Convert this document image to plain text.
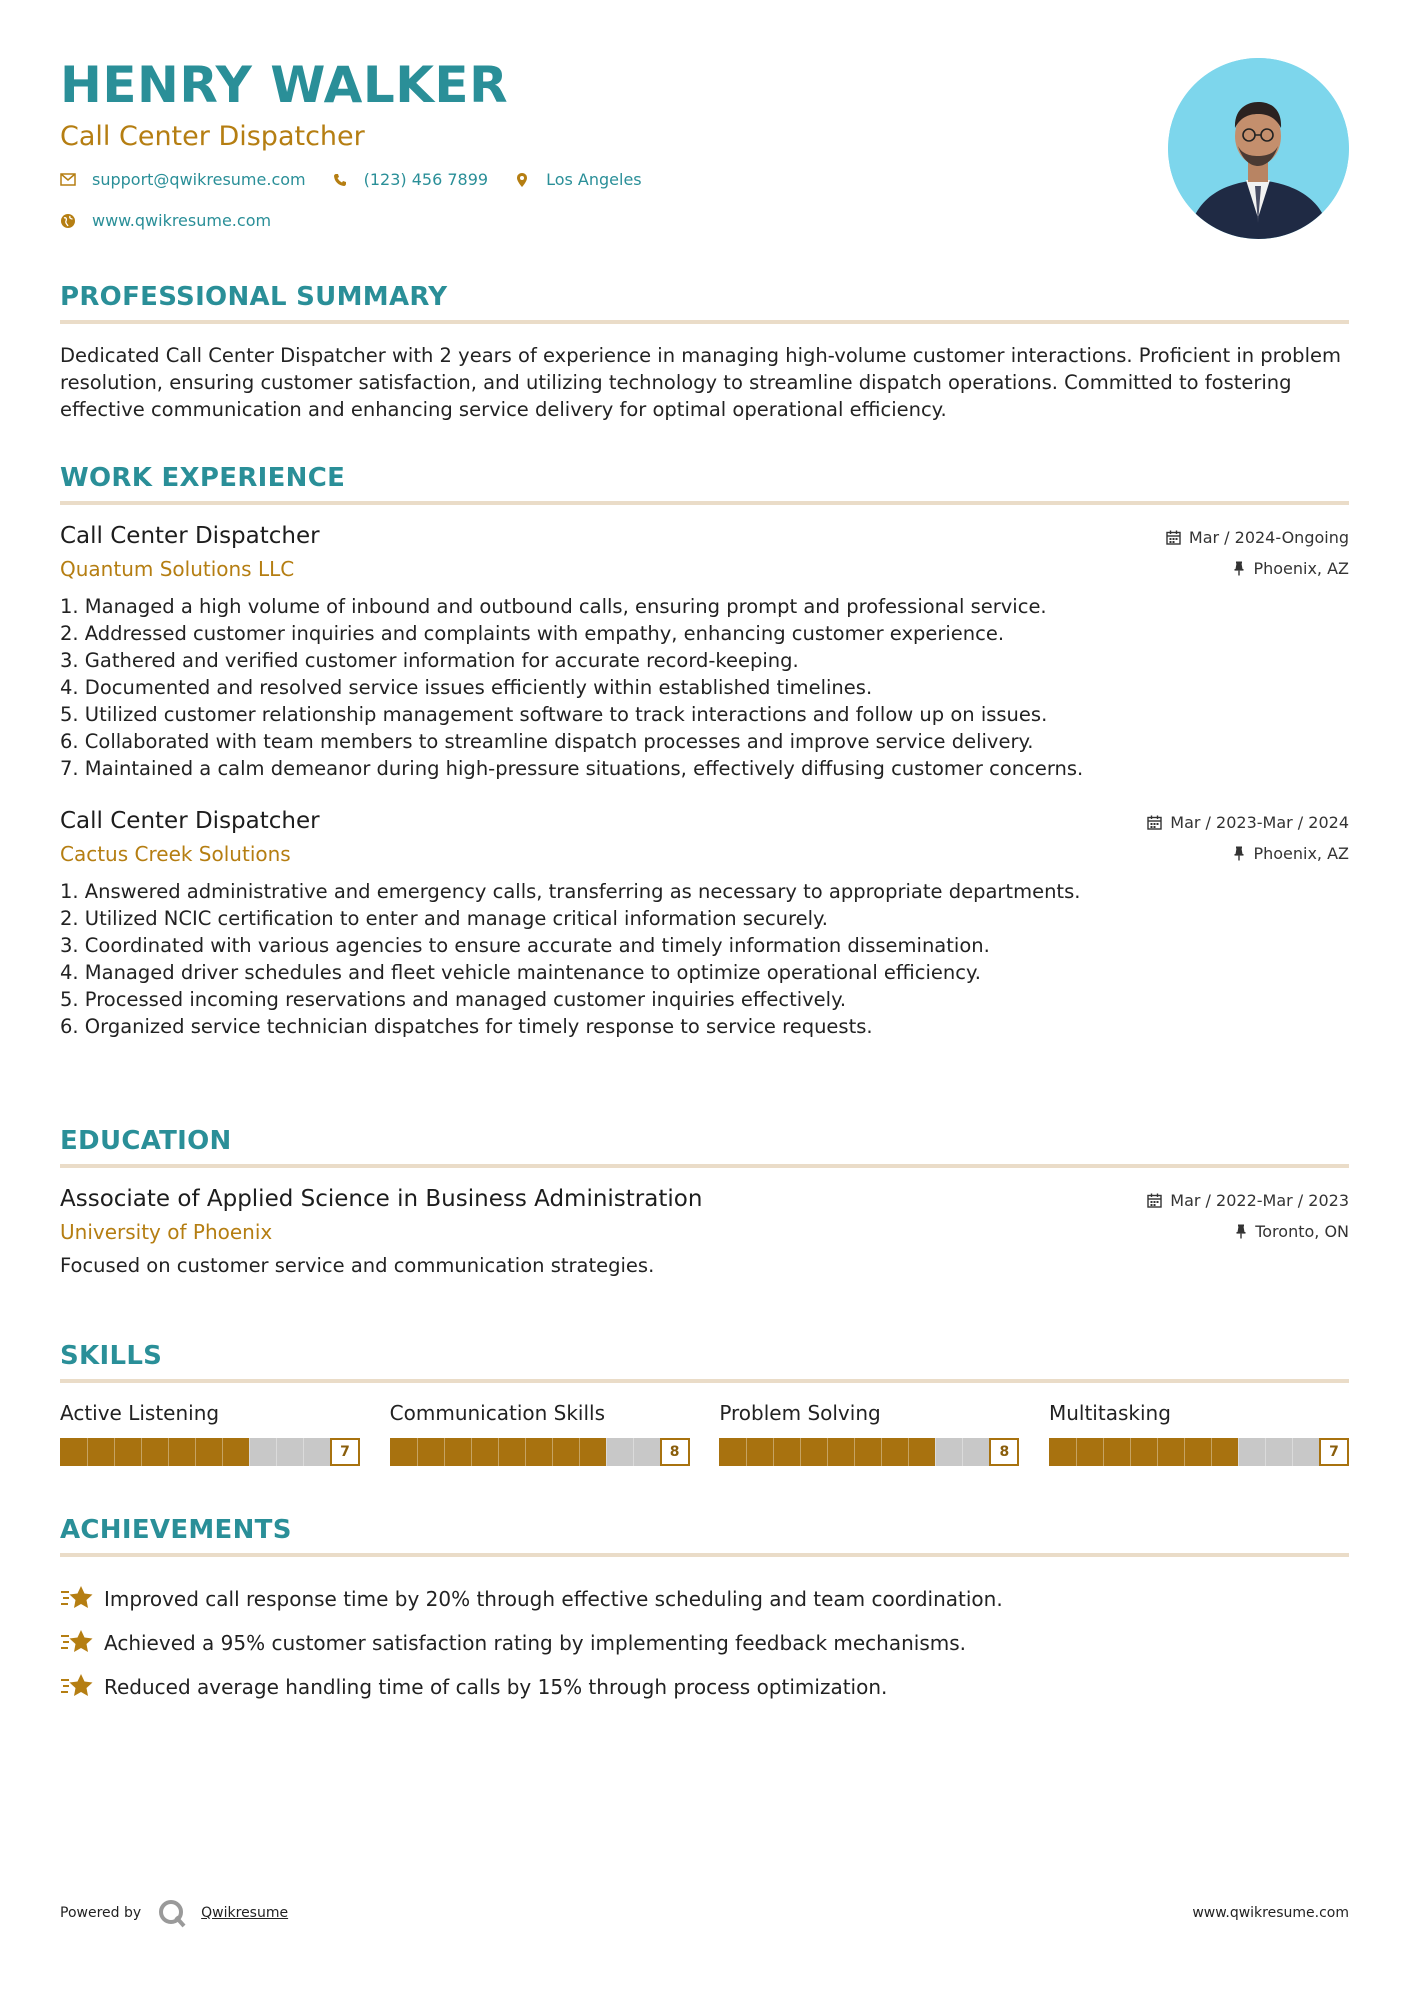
HENRY WALKER
Call Center Dispatcher
support@qwikresume.com	(123) 456 7899	Los Angeles
www.qwikresume.com
PROFESSIONAL SUMMARY
Dedicated Call Center Dispatcher with 2 years of experience in managing high-volume customer interactions. Proficient in problem resolution, ensuring customer satisfaction, and utilizing technology to streamline dispatch operations. Committed to fostering effective communication and enhancing service delivery for optimal operational efficiency.
WORK EXPERIENCE
Call Center Dispatcher
Quantum Solutions LLC
Mar / 2024-Ongoing
Phoenix, AZ
1. Managed a high volume of inbound and outbound calls, ensuring prompt and professional service.
2. Addressed customer inquiries and complaints with empathy, enhancing customer experience.
3. Gathered and verified customer information for accurate record-keeping.
4. Documented and resolved service issues efficiently within established timelines.
5. Utilized customer relationship management software to track interactions and follow up on issues.
6. Collaborated with team members to streamline dispatch processes and improve service delivery.
7. Maintained a calm demeanor during high-pressure situations, effectively diffusing customer concerns.
Call Center Dispatcher
Cactus Creek Solutions
Mar / 2023-Mar / 2024
Phoenix, AZ
1. Answered administrative and emergency calls, transferring as necessary to appropriate departments.
2. Utilized NCIC certification to enter and manage critical information securely.
3. Coordinated with various agencies to ensure accurate and timely information dissemination.
4. Managed driver schedules and fleet vehicle maintenance to optimize operational efficiency.
5. Processed incoming reservations and managed customer inquiries effectively.
6. Organized service technician dispatches for timely response to service requests.
EDUCATION
Associate of Applied Science in Business Administration
University of Phoenix
Mar / 2022-Mar / 2023
Toronto, ON
Focused on customer service and communication strategies.
SKILLS
Active Listening
7
Communication Skills
8
Problem Solving
8
Multitasking
7
ACHIEVEMENTS
Improved call response time by 20% through effective scheduling and team coordination.
Achieved a 95% customer satisfaction rating by implementing feedback mechanisms.
Reduced average handling time of calls by 15% through process optimization.
Powered by	Qwikresume	www.qwikresume.com
